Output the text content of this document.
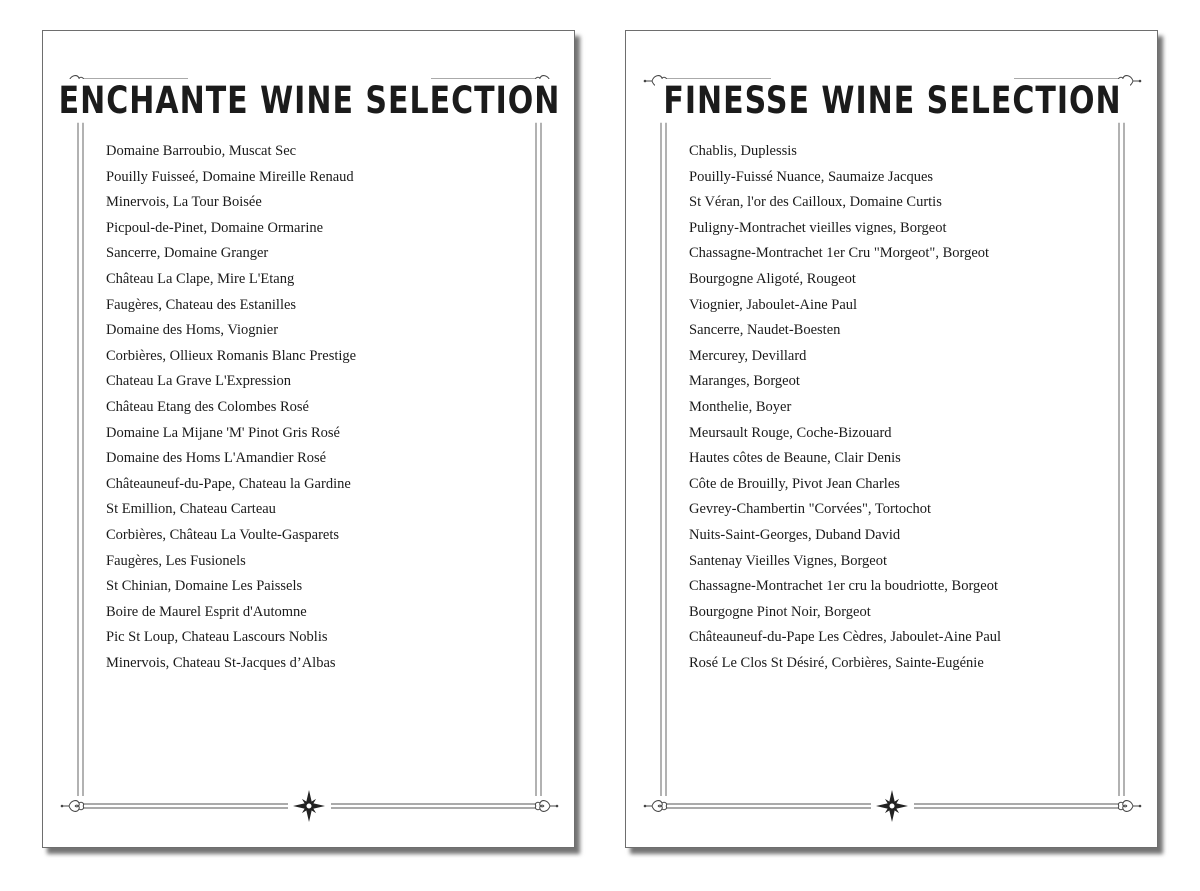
ENCHANTE WINE SELECTION
Domaine Barroubio, Muscat Sec
Pouilly Fuisseé, Domaine Mireille Renaud
Minervois, La Tour Boisée
Picpoul-de-Pinet, Domaine Ormarine
Sancerre, Domaine Granger
Château La Clape, Mire L'Etang
Faugères, Chateau des Estanilles
Domaine des Homs, Viognier
Corbières, Ollieux Romanis Blanc Prestige
Chateau La Grave L'Expression
Château Etang des Colombes Rosé
Domaine La Mijane 'M' Pinot Gris Rosé
Domaine des Homs L'Amandier Rosé
Châteauneuf-du-Pape, Chateau la Gardine
St Emillion, Chateau Carteau
Corbières, Château La Voulte-Gasparets
Faugères, Les Fusionels
St Chinian, Domaine Les Paissels
Boire de Maurel Esprit d'Automne
Pic St Loup, Chateau Lascours Noblis
Minervois, Chateau St-Jacques d’Albas
FINESSE WINE SELECTION
Chablis, Duplessis
Pouilly-Fuissé Nuance, Saumaize Jacques
St Véran, l'or des Cailloux, Domaine Curtis
Puligny-Montrachet vieilles vignes, Borgeot
Chassagne-Montrachet 1er Cru "Morgeot", Borgeot
Bourgogne Aligoté, Rougeot
Viognier, Jaboulet-Aine Paul
Sancerre, Naudet-Boesten
Mercurey, Devillard
Maranges, Borgeot
Monthelie, Boyer
Meursault Rouge, Coche-Bizouard
Hautes côtes de Beaune, Clair Denis
Côte de Brouilly, Pivot Jean Charles
Gevrey-Chambertin "Corvées", Tortochot
Nuits-Saint-Georges, Duband David
Santenay Vieilles Vignes, Borgeot
Chassagne-Montrachet 1er cru la boudriotte, Borgeot
Bourgogne Pinot Noir, Borgeot
Châteauneuf-du-Pape Les Cèdres, Jaboulet-Aine Paul
Rosé Le Clos St Désiré, Corbières, Sainte-Eugénie
